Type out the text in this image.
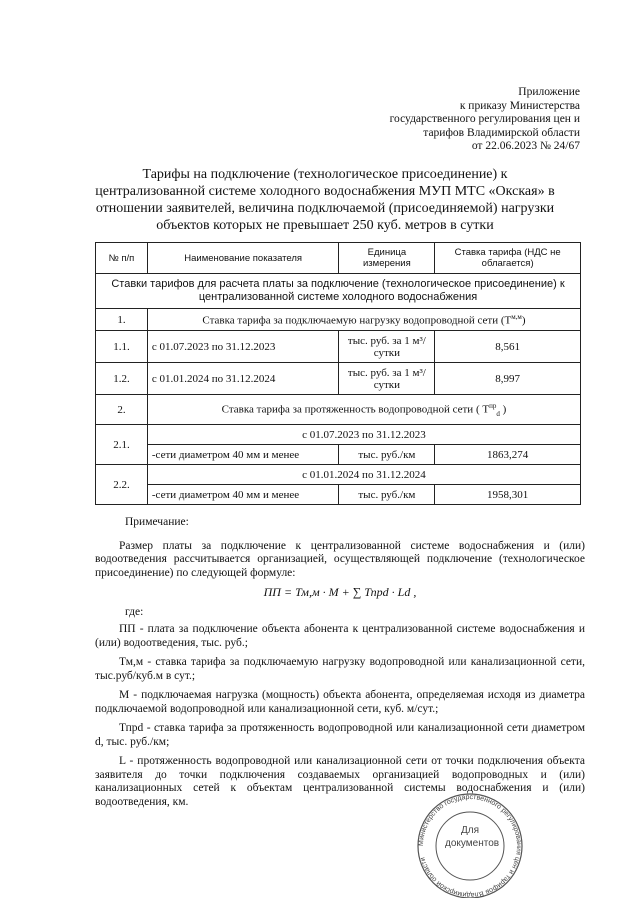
Приложение
к приказу Министерства
государственного регулирования цен и
тарифов Владимирской области
от 22.06.2023 № 24/67
Тарифы на подключение (технологическое присоединение) к централизованной системе холодного водоснабжения МУП МТС «Окская» в отношении заявителей, величина подключаемой (присоединяемой) нагрузки объектов которых не превышает 250 куб. метров в сутки
№ п/п	Наименование показателя	Единица измерения	Ставка тарифа (НДС не облагается)
Ставки тарифов для расчета платы за подключение (технологическое присоединение) к централизованной системе холодного водоснабжения			
1.	Ставка тарифа за подключаемую нагрузку водопроводной сети $(Т^{м,м})$		
1.1.	с 01.07.2023 по 31.12.2023	тыс. руб. за 1 м³/сутки	8,561
1.2.	с 01.01.2024 по 31.12.2024	тыс. руб. за 1 м³/сутки	8,997
2.	Ставка тарифа за протяженность водопроводной сети ( $Т^{пр}_d$ )		
2.1.	с 01.07.2023 по 31.12.2023		
	-сети диаметром 40 мм и менее	тыс. руб./км	1863,274
2.2.	с 01.01.2024 по 31.12.2024		
	-сети диаметром 40 мм и менее	тыс. руб./км	1958,301

Примечание:

Размер платы за подключение к централизованной системе водоснабжения и (или) водоотведения рассчитывается организацией, осуществляющей подключение (технологическое присоединение) по следующей формуле:

ПП = Тм,м · М + ∑ Тпрd · Ld ,

где:

ПП - плата за подключение объекта абонента к централизованной системе водоснабжения и (или) водоотведения, тыс. руб.;

Тм,м - ставка тарифа за подключаемую нагрузку водопроводной или канализационной сети, тыс.руб/куб.м в сут.;

М - подключаемая нагрузка (мощность) объекта абонента, определяемая исходя из диаметра подключаемой водопроводной или канализационной сети, куб. м/сут.;

Тпрd - ставка тарифа за протяженность водопроводной или канализационной сети диаметром d, тыс. руб./км;

L - протяженность водопроводной или канализационной сети от точки подключения объекта заявителя до точки подключения создаваемых организацией водопроводных и (или) канализационных сетей к объектам централизованной системы водоснабжения и (или) водоотведения, км.

Министерство государственного регулирования цен и тарифов Владимирской области
Для
документов
